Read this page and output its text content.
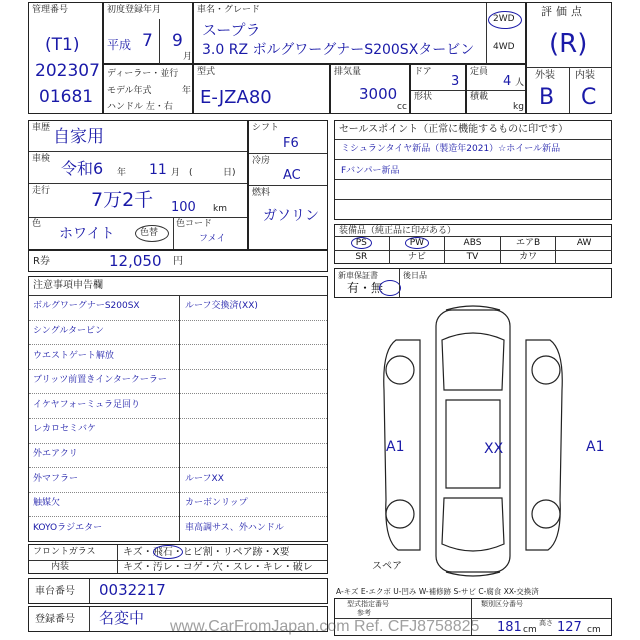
管理番号
(T1)
202307
01681
初度登録年月
平成 7 9
月
車名・グレード
スープラ
3.0 RZ ボルグワーグナーS200SXタービン
2WD
4WD
評価点
(R)
外装 内装
B C
ディーラー・並行
モデル年式	年
ハンドル 左・右
型式
E-JZA80
排気量
3000
cc
ドア
3
形状
定員
4 人
積載
kg
車歴 自家用
車検 令和6 年 11 月 (	日)
走行 7万2千 100 km
色
ホワイト	色替
色コード
フメイ
シフト
F6
冷房
AC
燃料
ガソリン
R券	12,050 円
セールスポイント（正常に機能するものに印です）
ミシュランタイヤ新品（製造年2021）☆ホイール新品
Fバンパー新品
装備品（純正品に印がある）
PS	PW	ABS	エアB	AW
SR	ナビ	TV	カワ
新車保証書
有・無
後日品
注意事項申告欄
ボルグワーグナーS200SX	ルーフ交換済(XX)
シングルタービン
ウエストゲート解放
ブリッツ前置きインタークーラー
イケヤフォーミュラ足回り
レカロセミバケ
外エアクリ
外マフラー	ルーフXX
触媒欠	カーボンリップ
KOYOラジエター	車高調サス、外ハンドル
フロントガラス	キズ・飛石・ヒビ割・リペア跡・X要
内装	キズ・汚レ・コゲ・穴・スレ・キレ・破レ
車台番号 0032217
登録番号 名変中
A1	XX	A1
スペア
A-キズ E-エクボ U-凹み W-補修跡 S-サビ C-腐食 XX-交換済
型式指定番号
参考
類別区分番号
181 cm
高さ 127 cm
www.CarFromJapan.com Ref. CFJ8758825
